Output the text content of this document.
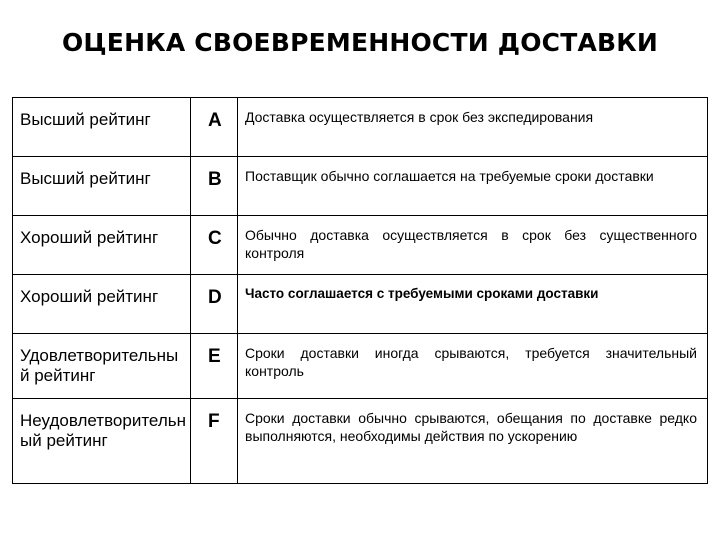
ОЦЕНКА СВОЕВРЕМЕННОСТИ ДОСТАВКИ
Высший рейтинг	A	Доставка осуществляется в срок без экспедирования
Высший рейтинг	B	Поставщик обычно соглашается на требуемые сроки доставки
Хороший рейтинг	C	Обычно доставка осуществляется в срок без существенного контроля
Хороший рейтинг	D	Часто соглашается с требуемыми сроками доставки
Удовлетворительный рейтинг	E	Сроки доставки иногда срываются, требуется значительный контроль
Неудовлетворительный рейтинг	F	Сроки доставки обычно срываются, обещания по доставке редко выполняются, необходимы действия по ускорению
